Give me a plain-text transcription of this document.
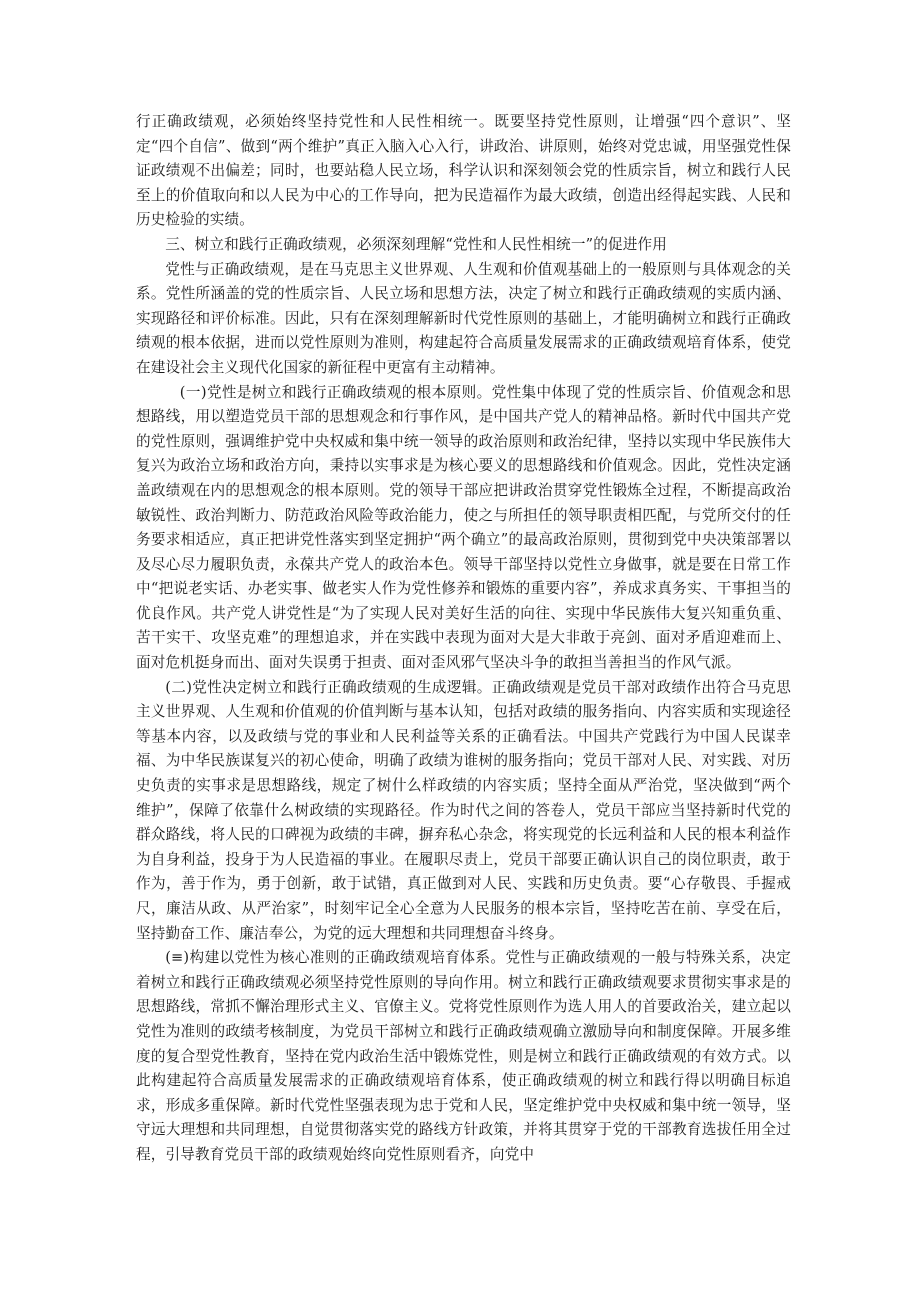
行正确政绩观，必须始终坚持党性和人民性相统一。既要坚持党性原则，让增强“四个意识”、坚定“四个自信”、做到“两个维护”真正入脑入心入行，讲政治、讲原则，始终对党忠诚，用坚强党性保证政绩观不出偏差；同时，也要站稳人民立场，科学认识和深刻领会党的性质宗旨，树立和践行人民至上的价值取向和以人民为中心的工作导向，把为民造福作为最大政绩，创造出经得起实践、人民和历史检验的实绩。

三、树立和践行正确政绩观，必须深刻理解“党性和人民性相统一”的促进作用

党性与正确政绩观，是在马克思主义世界观、人生观和价值观基础上的一般原则与具体观念的关系。党性所涵盖的党的性质宗旨、人民立场和思想方法，决定了树立和践行正确政绩观的实质内涵、实现路径和评价标准。因此，只有在深刻理解新时代党性原则的基础上，才能明确树立和践行正确政绩观的根本依据，进而以党性原则为准则，构建起符合高质量发展需求的正确政绩观培育体系，使党在建设社会主义现代化国家的新征程中更富有主动精神。

(一)党性是树立和践行正确政绩观的根本原则。党性集中体现了党的性质宗旨、价值观念和思想路线，用以塑造党员干部的思想观念和行事作风，是中国共产党人的精神品格。新时代中国共产党的党性原则，强调维护党中央权威和集中统一领导的政治原则和政治纪律，坚持以实现中华民族伟大复兴为政治立场和政治方向，秉持以实事求是为核心要义的思想路线和价值观念。因此，党性决定涵盖政绩观在内的思想观念的根本原则。党的领导干部应把讲政治贯穿党性锻炼全过程，不断提高政治敏锐性、政治判断力、防范政治风险等政治能力，使之与所担任的领导职责相匹配，与党所交付的任务要求相适应，真正把讲党性落实到坚定拥护“两个确立”的最高政治原则，贯彻到党中央决策部署以及尽心尽力履职负责，永葆共产党人的政治本色。领导干部坚持以党性立身做事，就是要在日常工作中“把说老实话、办老实事、做老实人作为党性修养和锻炼的重要内容”，养成求真务实、干事担当的优良作风。共产党人讲党性是“为了实现人民对美好生活的向往、实现中华民族伟大复兴知重负重、苦干实干、攻坚克难”的理想追求，并在实践中表现为面对大是大非敢于亮剑、面对矛盾迎难而上、面对危机挺身而出、面对失误勇于担责、面对歪风邪气坚决斗争的敢担当善担当的作风气派。

(二)党性决定树立和践行正确政绩观的生成逻辑。正确政绩观是党员干部对政绩作出符合马克思主义世界观、人生观和价值观的价值判断与基本认知，包括对政绩的服务指向、内容实质和实现途径等基本内容，以及政绩与党的事业和人民利益等关系的正确看法。中国共产党践行为中国人民谋幸福、为中华民族谋复兴的初心使命，明确了政绩为谁树的服务指向；党员干部对人民、对实践、对历史负责的实事求是思想路线，规定了树什么样政绩的内容实质；坚持全面从严治党，坚决做到“两个维护”，保障了依靠什么树政绩的实现路径。作为时代之间的答卷人，党员干部应当坚持新时代党的群众路线，将人民的口碑视为政绩的丰碑，摒弃私心杂念，将实现党的长远利益和人民的根本利益作为自身利益，投身于为人民造福的事业。在履职尽责上，党员干部要正确认识自己的岗位职责，敢于作为，善于作为，勇于创新，敢于试错，真正做到对人民、实践和历史负责。要“心存敬畏、手握戒尺，廉洁从政、从严治家”，时刻牢记全心全意为人民服务的根本宗旨，坚持吃苦在前、享受在后，坚持勤奋工作、廉洁奉公，为党的远大理想和共同理想奋斗终身。

(≡)构建以党性为核心准则的正确政绩观培育体系。党性与正确政绩观的一般与特殊关系，决定着树立和践行正确政绩观必须坚持党性原则的导向作用。树立和践行正确政绩观要求贯彻实事求是的思想路线，常抓不懈治理形式主义、官僚主义。党将党性原则作为选人用人的首要政治关，建立起以党性为准则的政绩考核制度，为党员干部树立和践行正确政绩观确立激励导向和制度保障。开展多维度的复合型党性教育，坚持在党内政治生活中锻炼党性，则是树立和践行正确政绩观的有效方式。以此构建起符合高质量发展需求的正确政绩观培育体系，使正确政绩观的树立和践行得以明确目标追求，形成多重保障。新时代党性坚强表现为忠于党和人民，坚定维护党中央权威和集中统一领导，坚守远大理想和共同理想，自觉贯彻落实党的路线方针政策，并将其贯穿于党的干部教育选拔任用全过程，引导教育党员干部的政绩观始终向党性原则看齐，向党中
